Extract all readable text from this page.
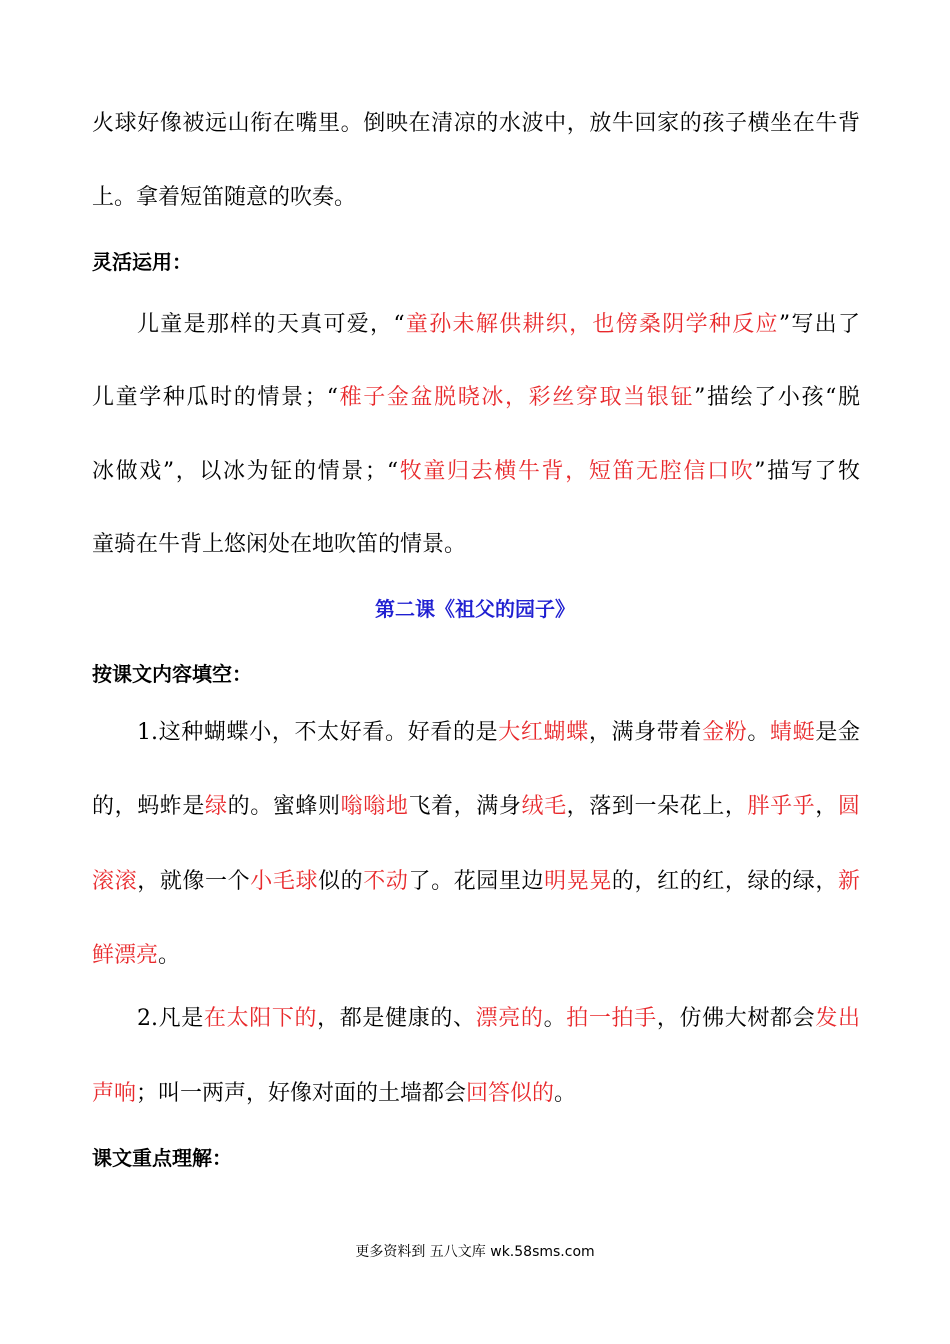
火球好像被远山衔在嘴里。倒映在清凉的水波中，放牛回家的孩子横坐在牛背
上。拿着短笛随意的吹奏。
灵活运用：
儿童是那样的天真可爱，“童孙未解供耕织，也傍桑阴学种反应”写出了
儿童学种瓜时的情景；“稚子金盆脱晓冰，彩丝穿取当银钲”描绘了小孩“脱
冰做戏”，以冰为钲的情景；“牧童归去横牛背，短笛无腔信口吹”描写了牧
童骑在牛背上悠闲处在地吹笛的情景。
第二课《祖父的园子》
按课文内容填空：
1.这种蝴蝶小，不太好看。好看的是大红蝴蝶，满身带着金粉。蜻蜓是金
的，蚂蚱是绿的。蜜蜂则嗡嗡地飞着，满身绒毛，落到一朵花上，胖乎乎，圆
滚滚，就像一个小毛球似的不动了。花园里边明晃晃的，红的红，绿的绿，新
鲜漂亮。
2.凡是在太阳下的，都是健康的、漂亮的。拍一拍手，仿佛大树都会发出
声响；叫一两声，好像对面的土墙都会回答似的。
课文重点理解：
更多资料到 五八文库 wk.58sms.com
